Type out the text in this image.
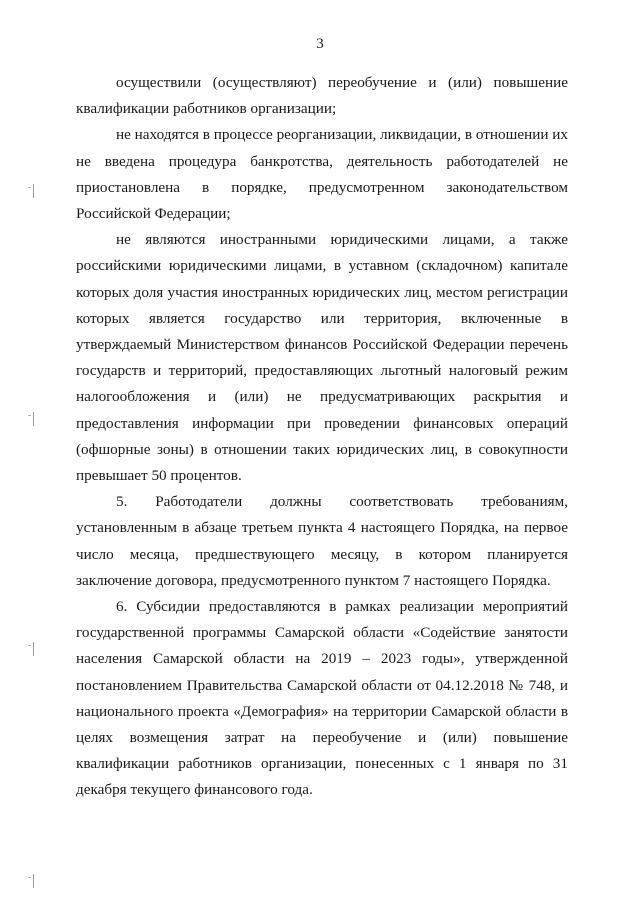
3

осуществили (осуществляют) переобучение и (или) повышение квалификации работников организации;

не находятся в процессе реорганизации, ликвидации, в отношении их не введена процедура банкротства, деятельность работодателей не приостановлена в порядке, предусмотренном законодательством Российской Федерации;

не являются иностранными юридическими лицами, а также российскими юридическими лицами, в уставном (складочном) капитале которых доля участия иностранных юридических лиц, местом регистрации которых является государство или территория, включенные в утверждаемый Министерством финансов Российской Федерации перечень государств и территорий, предоставляющих льготный налоговый режим налогообложения и (или) не предусматривающих раскрытия и предоставления информации при проведении финансовых операций (офшорные зоны) в отношении таких юридических лиц, в совокупности превышает 50 процентов.

5. Работодатели должны соответствовать требованиям, установленным в абзаце третьем пункта 4 настоящего Порядка, на первое число месяца, предшествующего месяцу, в котором планируется заключение договора, предусмотренного пунктом 7 настоящего Порядка.

6. Субсидии предоставляются в рамках реализации мероприятий государственной программы Самарской области «Содействие занятости населения Самарской области на 2019 – 2023 годы», утвержденной постановлением Правительства Самарской области от 04.12.2018 № 748, и национального проекта «Демография» на территории Самарской области в целях возмещения затрат на переобучение и (или) повышение квалификации работников организации, понесенных с 1 января по 31 декабря текущего финансового года.
